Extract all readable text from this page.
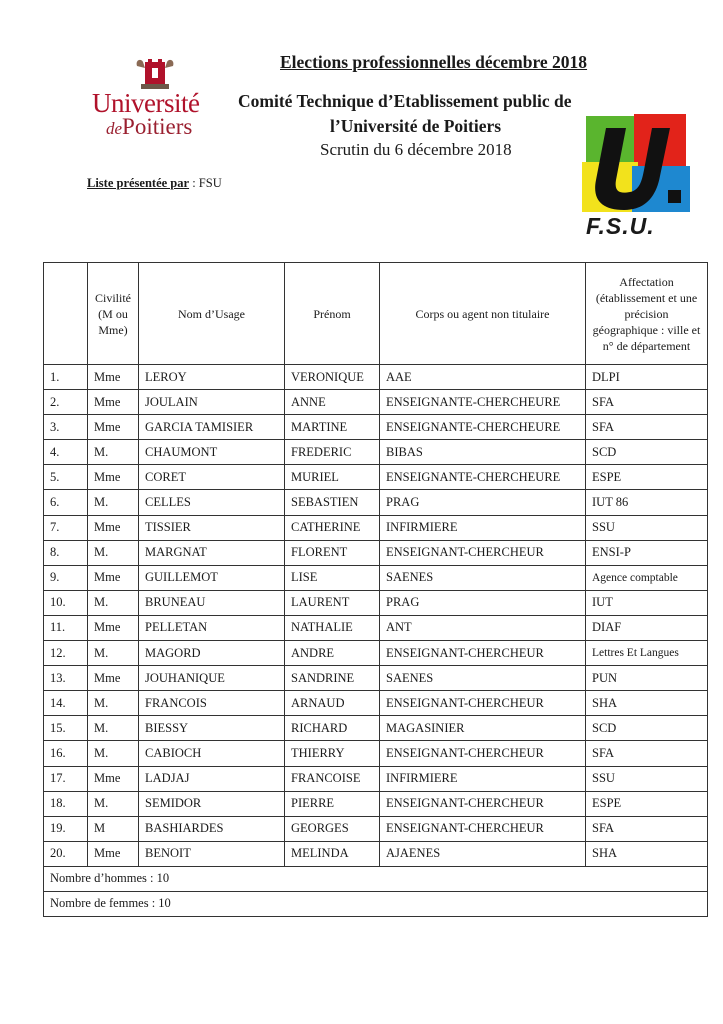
Université
dePoitiers
Elections professionnelles décembre 2018
Comité Technique d’Etablissement public de
l’Université de Poitiers
Scrutin du 6 décembre 2018
Liste présentée par : FSU
F.S.U.
	Civilité (M ou Mme)	Nom d’Usage	Prénom	Corps ou agent non titulaire	Affectation (établissement et une précision géographique : ville et n° de département
1.	Mme	LEROY	VERONIQUE	AAE	DLPI
2.	Mme	JOULAIN	ANNE	ENSEIGNANTE-CHERCHEURE	SFA
3.	Mme	GARCIA TAMISIER	MARTINE	ENSEIGNANTE-CHERCHEURE	SFA
4.	M.	CHAUMONT	FREDERIC	BIBAS	SCD
5.	Mme	CORET	MURIEL	ENSEIGNANTE-CHERCHEURE	ESPE
6.	M.	CELLES	SEBASTIEN	PRAG	IUT 86
7.	Mme	TISSIER	CATHERINE	INFIRMIERE	SSU
8.	M.	MARGNAT	FLORENT	ENSEIGNANT-CHERCHEUR	ENSI-P
9.	Mme	GUILLEMOT	LISE	SAENES	Agence comptable
10.	M.	BRUNEAU	LAURENT	PRAG	IUT
11.	Mme	PELLETAN	NATHALIE	ANT	DIAF
12.	M.	MAGORD	ANDRE	ENSEIGNANT-CHERCHEUR	Lettres Et Langues
13.	Mme	JOUHANIQUE	SANDRINE	SAENES	PUN
14.	M.	FRANCOIS	ARNAUD	ENSEIGNANT-CHERCHEUR	SHA
15.	M.	BIESSY	RICHARD	MAGASINIER	SCD
16.	M.	CABIOCH	THIERRY	ENSEIGNANT-CHERCHEUR	SFA
17.	Mme	LADJAJ	FRANCOISE	INFIRMIERE	SSU
18.	M.	SEMIDOR	PIERRE	ENSEIGNANT-CHERCHEUR	ESPE
19.	M	BASHIARDES	GEORGES	ENSEIGNANT-CHERCHEUR	SFA
20.	Mme	BENOIT	MELINDA	AJAENES	SHA
Nombre d’hommes : 10					
Nombre de femmes : 10					
